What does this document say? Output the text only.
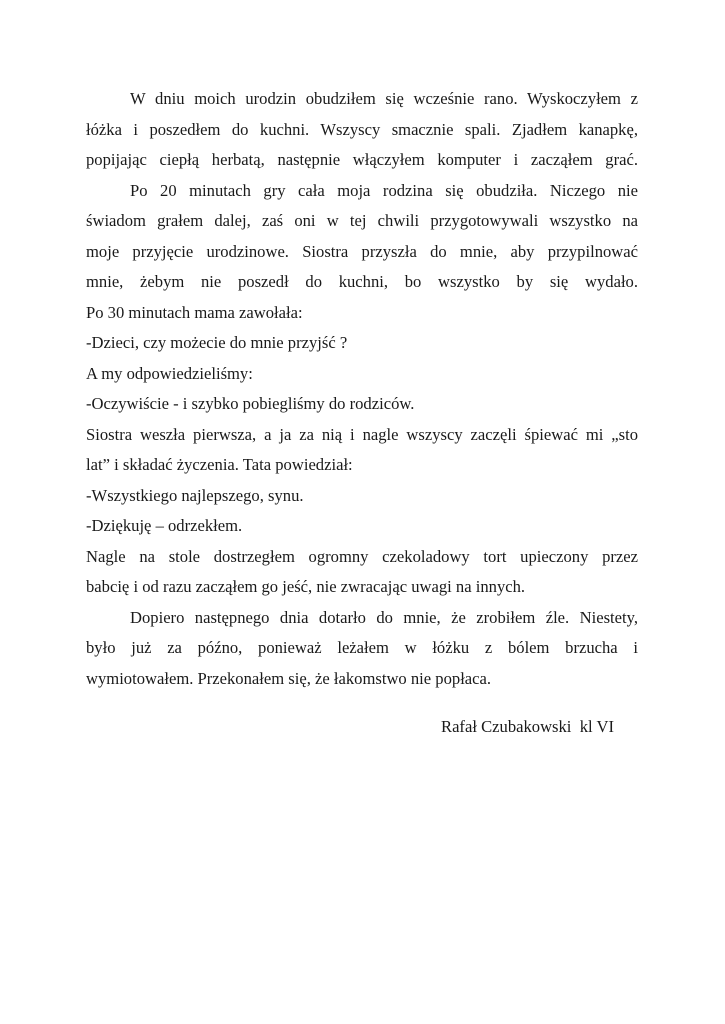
W dniu moich urodzin obudziłem się wcześnie rano. Wyskoczyłem z
łóżka i poszedłem do kuchni. Wszyscy smacznie spali. Zjadłem kanapkę,
popijając ciepłą herbatą, następnie włączyłem komputer i zacząłem grać.
Po 20 minutach gry cała moja rodzina się obudziła. Niczego nie
świadom grałem dalej, zaś oni w tej chwili przygotowywali wszystko na
moje przyjęcie urodzinowe. Siostra przyszła do mnie, aby przypilnować
mnie, żebym nie poszedł do kuchni, bo wszystko by się wydało.
Po 30 minutach mama zawołała:
-Dzieci, czy możecie do mnie przyjść ?
A my odpowiedzieliśmy:
-Oczywiście - i szybko pobiegliśmy do rodziców.
Siostra weszła pierwsza, a ja za nią i nagle wszyscy zaczęli śpiewać mi „sto
lat” i składać życzenia. Tata powiedział:
-Wszystkiego najlepszego, synu.
-Dziękuję – odrzekłem.
Nagle na stole dostrzegłem ogromny czekoladowy tort upieczony przez
babcię i od razu zacząłem go jeść, nie zwracając uwagi na innych.
Dopiero następnego dnia dotarło do mnie, że zrobiłem źle. Niestety,
było już za późno, ponieważ leżałem w łóżku z bólem brzucha i
wymiotowałem. Przekonałem się, że łakomstwo nie popłaca.
Rafał Czubakowski  kl VI
